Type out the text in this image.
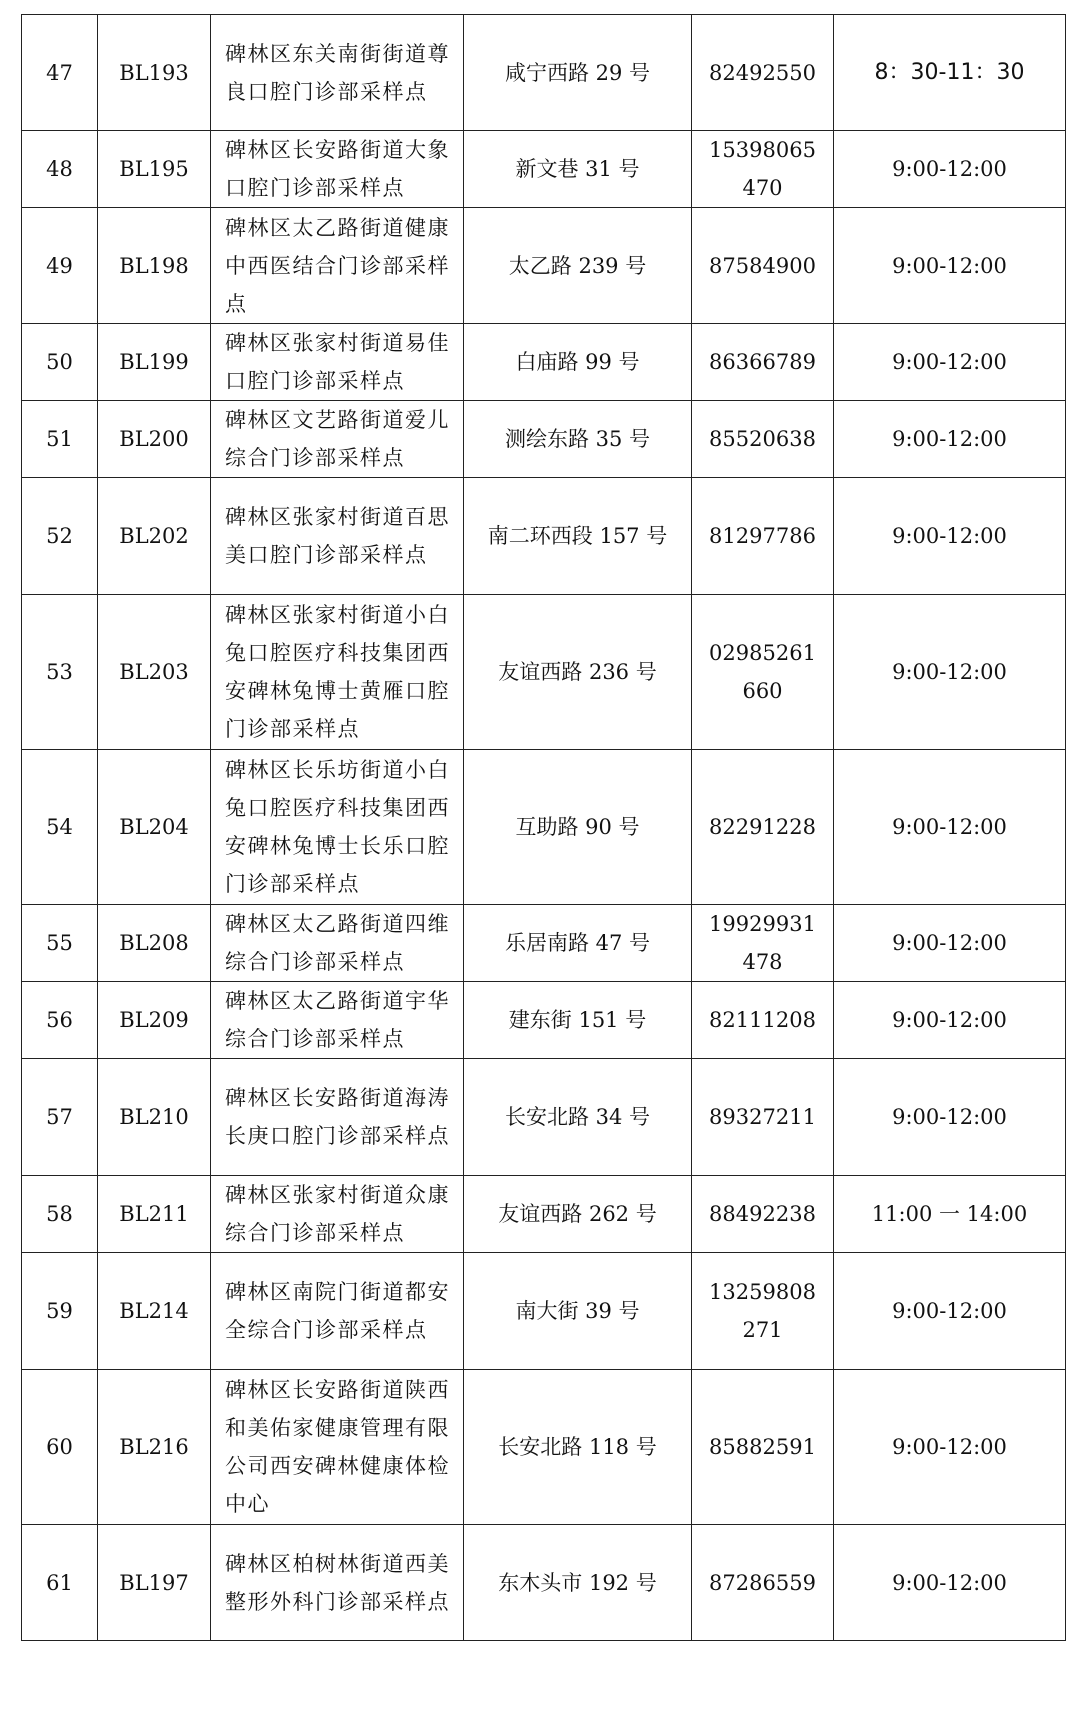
47	BL193	碑林区东关南街街道尊良口腔门诊部采样点	咸宁西路 29 号	82492550	8：30-11：30
48	BL195	碑林区长安路街道大象口腔门诊部采样点	新文巷 31 号	15398065470	9:00-12:00
49	BL198	碑林区太乙路街道健康中西医结合门诊部采样点	太乙路 239 号	87584900	9:00-12:00
50	BL199	碑林区张家村街道易佳口腔门诊部采样点	白庙路 99 号	86366789	9:00-12:00
51	BL200	碑林区文艺路街道爱儿综合门诊部采样点	测绘东路 35 号	85520638	9:00-12:00
52	BL202	碑林区张家村街道百思美口腔门诊部采样点	南二环西段 157 号	81297786	9:00-12:00
53	BL203	碑林区张家村街道小白兔口腔医疗科技集团西安碑林兔博士黄雁口腔门诊部采样点	友谊西路 236 号	02985261660	9:00-12:00
54	BL204	碑林区长乐坊街道小白兔口腔医疗科技集团西安碑林兔博士长乐口腔门诊部采样点	互助路 90 号	82291228	9:00-12:00
55	BL208	碑林区太乙路街道四维综合门诊部采样点	乐居南路 47 号	19929931478	9:00-12:00
56	BL209	碑林区太乙路街道宇华综合门诊部采样点	建东街 151 号	82111208	9:00-12:00
57	BL210	碑林区长安路街道海涛长庚口腔门诊部采样点	长安北路 34 号	89327211	9:00-12:00
58	BL211	碑林区张家村街道众康综合门诊部采样点	友谊西路 262 号	88492238	11:00 一 14:00
59	BL214	碑林区南院门街道都安全综合门诊部采样点	南大街 39 号	13259808271	9:00-12:00
60	BL216	碑林区长安路街道陕西和美佑家健康管理有限公司西安碑林健康体检中心	长安北路 118 号	85882591	9:00-12:00
61	BL197	碑林区柏树林街道西美整形外科门诊部采样点	东木头市 192 号	87286559	9:00-12:00
